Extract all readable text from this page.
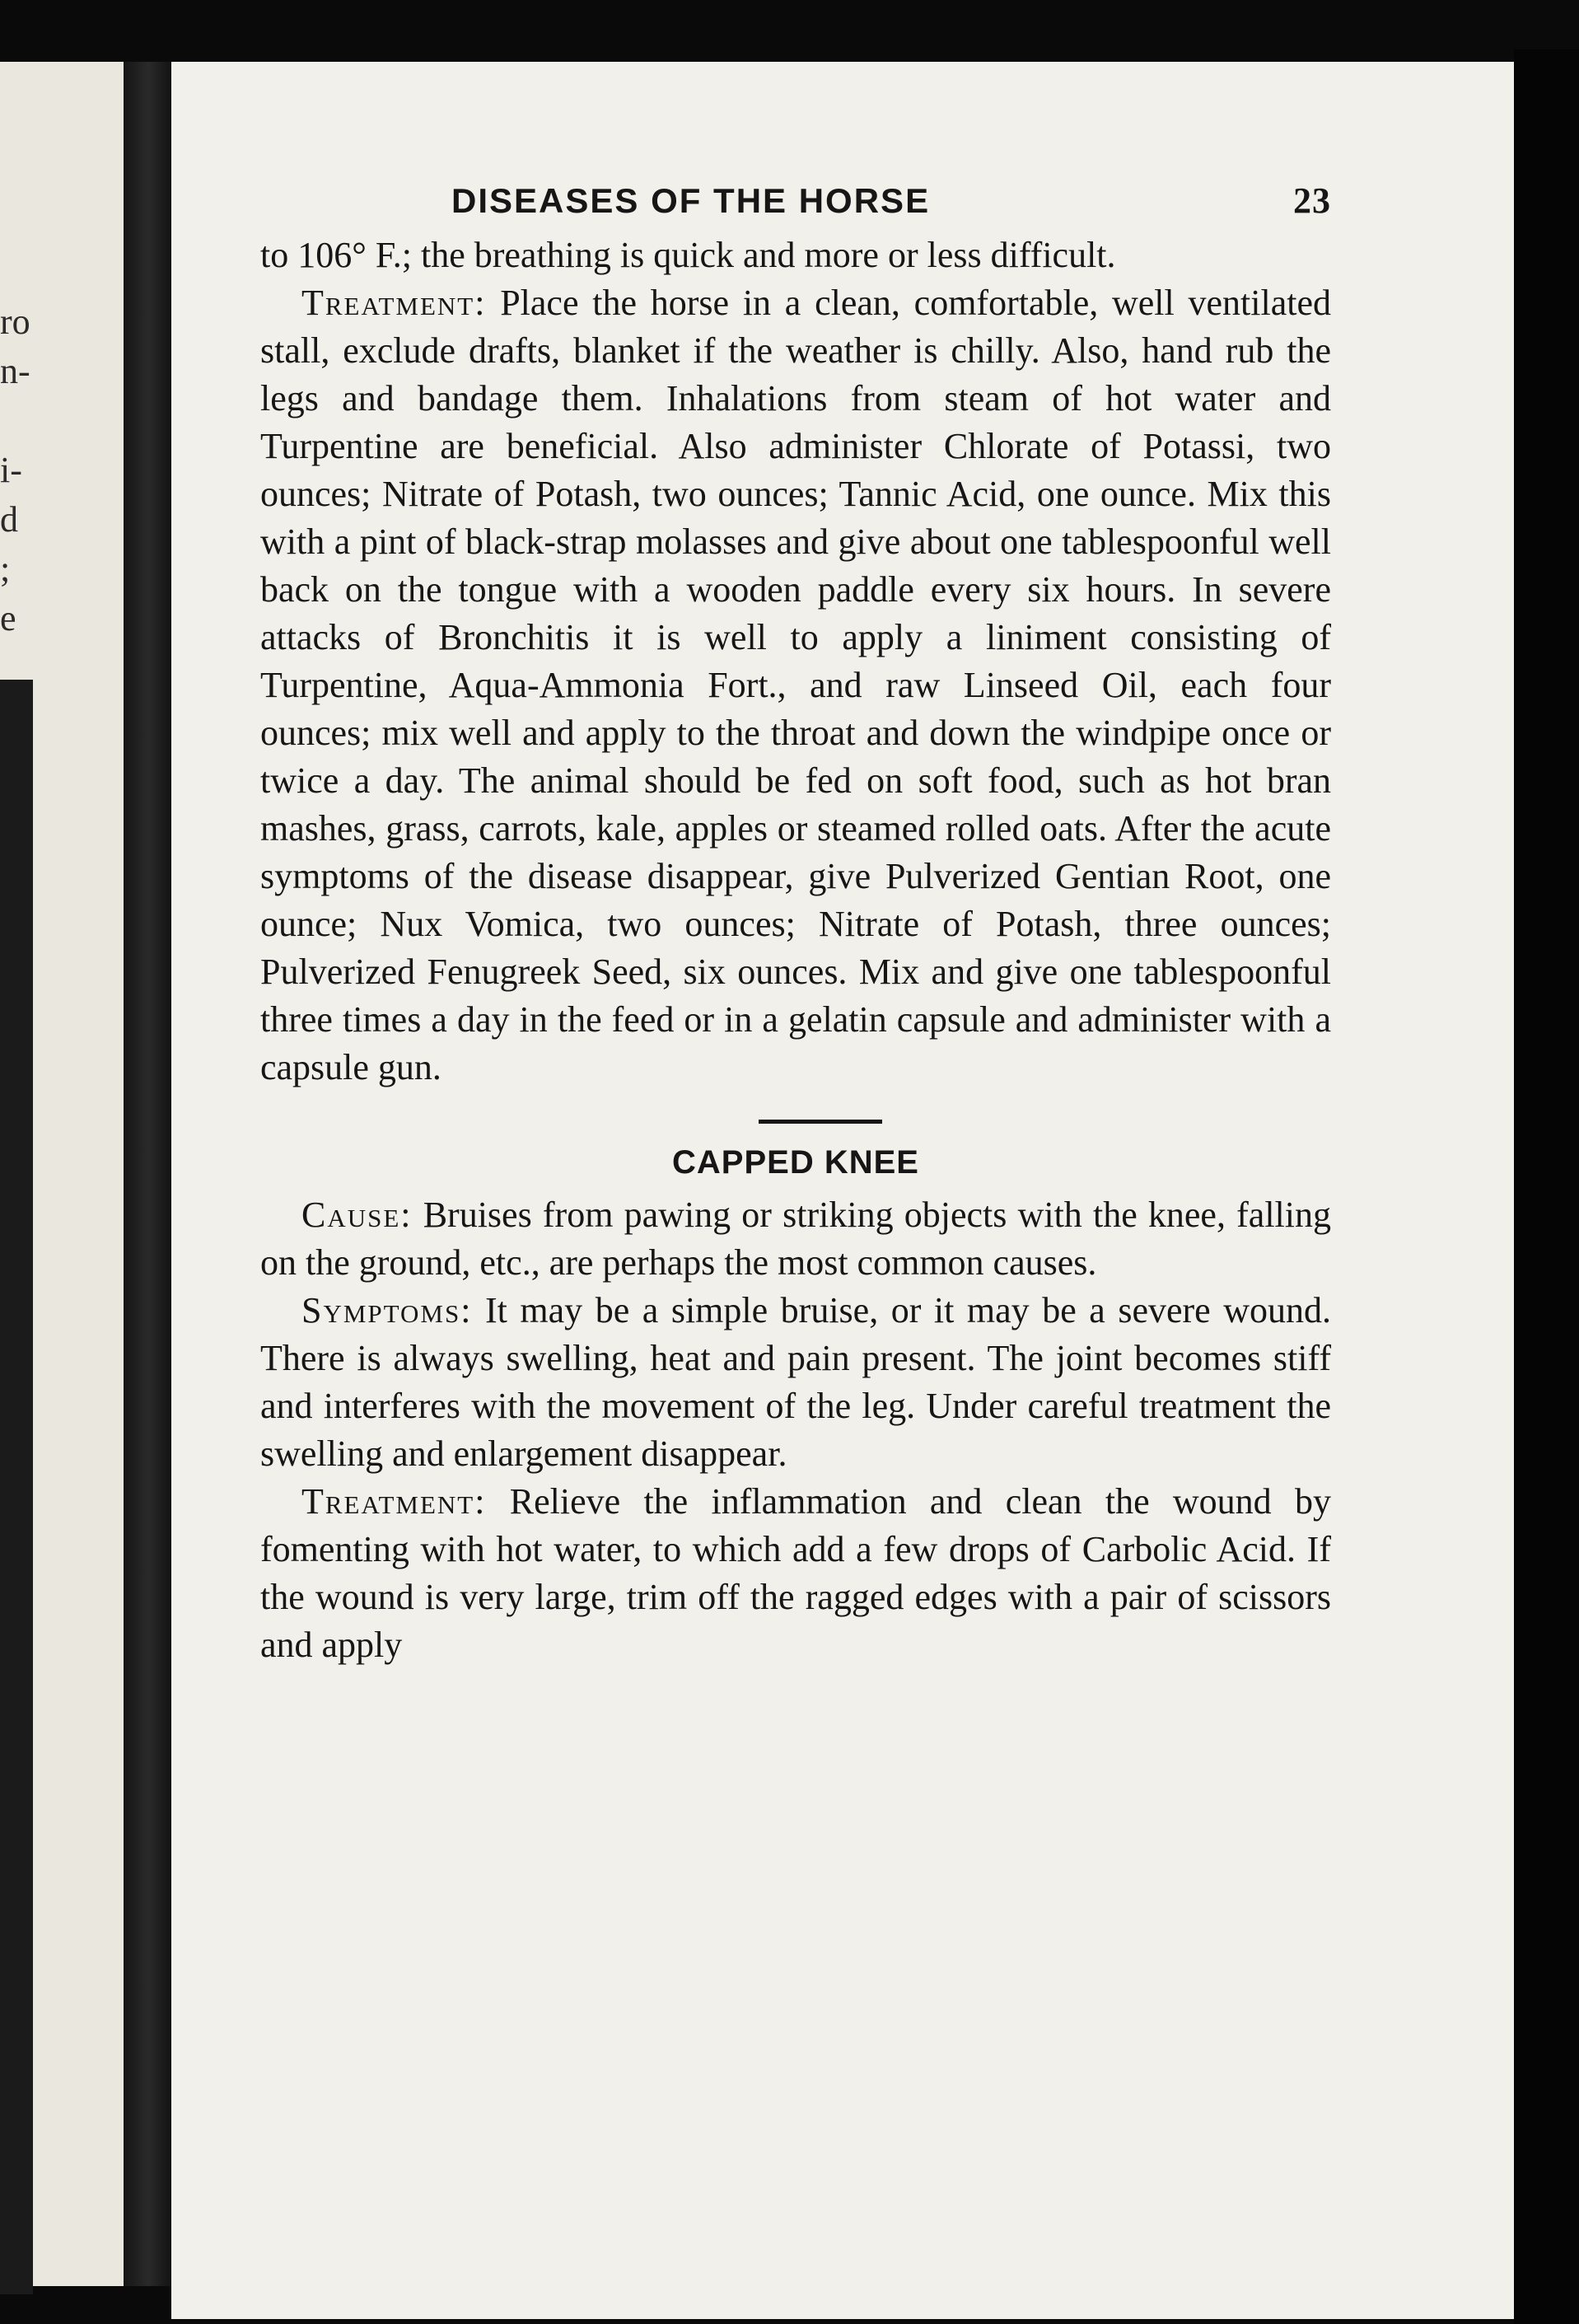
ro
n-
i-
d
;
e
DISEASES OF THE HORSE	23

to 106° F.; the breathing is quick and more or less difficult.

Treatment: Place the horse in a clean, comfortable, well ventilated stall, exclude drafts, blanket if the weather is chilly. Also, hand rub the legs and bandage them. Inhalations from steam of hot water and Turpentine are beneficial. Also administer Chlorate of Potassi, two ounces; Nitrate of Potash, two ounces; Tannic Acid, one ounce. Mix this with a pint of black-strap molasses and give about one tablespoonful well back on the tongue with a wooden paddle every six hours. In severe attacks of Bronchitis it is well to apply a liniment consisting of Turpentine, Aqua-Ammonia Fort., and raw Linseed Oil, each four ounces; mix well and apply to the throat and down the windpipe once or twice a day. The animal should be fed on soft food, such as hot bran mashes, grass, carrots, kale, apples or steamed rolled oats. After the acute symptoms of the disease disappear, give Pulverized Gentian Root, one ounce; Nux Vomica, two ounces; Nitrate of Potash, three ounces; Pulverized Fenugreek Seed, six ounces. Mix and give one tablespoonful three times a day in the feed or in a gelatin capsule and administer with a capsule gun.

CAPPED KNEE

Cause: Bruises from pawing or striking objects with the knee, falling on the ground, etc., are perhaps the most common causes.

Symptoms: It may be a simple bruise, or it may be a severe wound. There is always swelling, heat and pain present. The joint becomes stiff and interferes with the movement of the leg. Under careful treatment the swelling and enlargement disappear.

Treatment: Relieve the inflammation and clean the wound by fomenting with hot water, to which add a few drops of Carbolic Acid. If the wound is very large, trim off the ragged edges with a pair of scissors and apply
